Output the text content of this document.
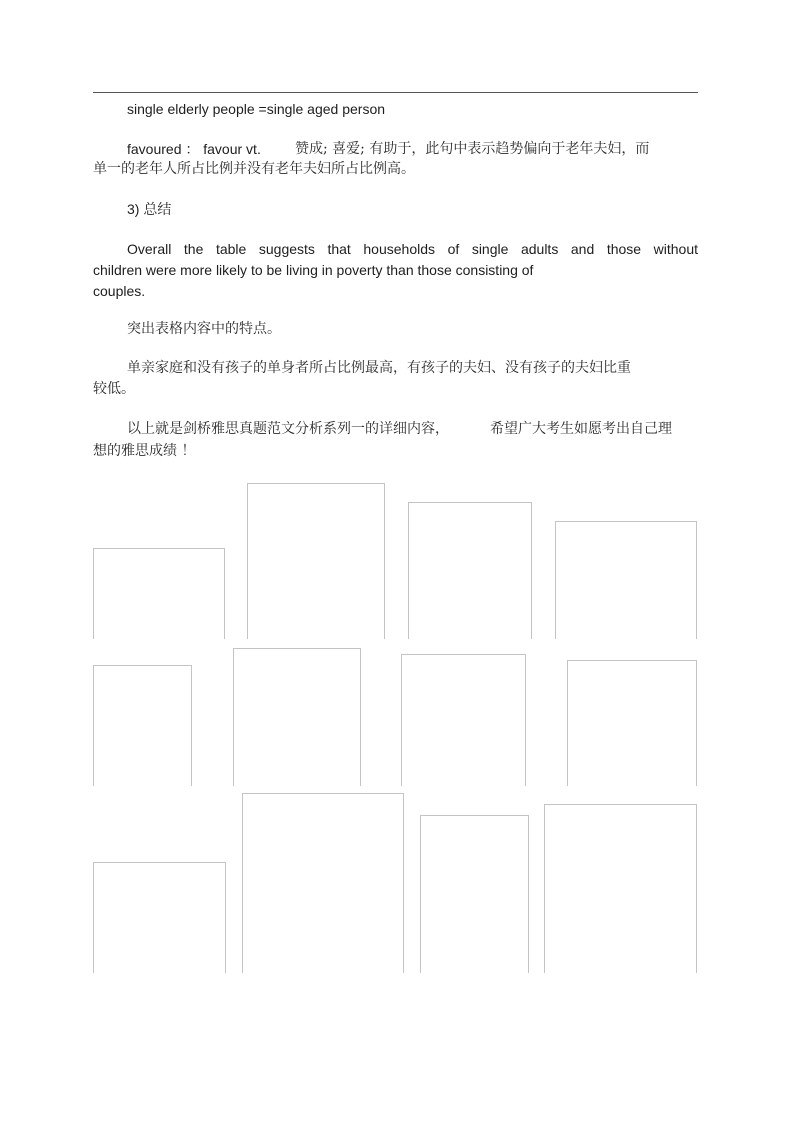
single elderly people =single aged person
favoured ： favour vt. 赞成; 喜爱; 有助于，此句中表示趋势偏向于老年夫妇，而
单一的老年人所占比例并没有老年夫妇所占比例高。
3) 总结
Overall the table suggests that households of single adults and those without
children were more likely to be living in poverty than those consisting of
couples.
突出表格内容中的特点。
单亲家庭和没有孩子的单身者所占比例最高，有孩子的夫妇、没有孩子的夫妇比重
较低。
以上就是剑桥雅思真题范文分析系列一的详细内容，	希望广大考生如愿考出自己理
想的雅思成绩 ！
